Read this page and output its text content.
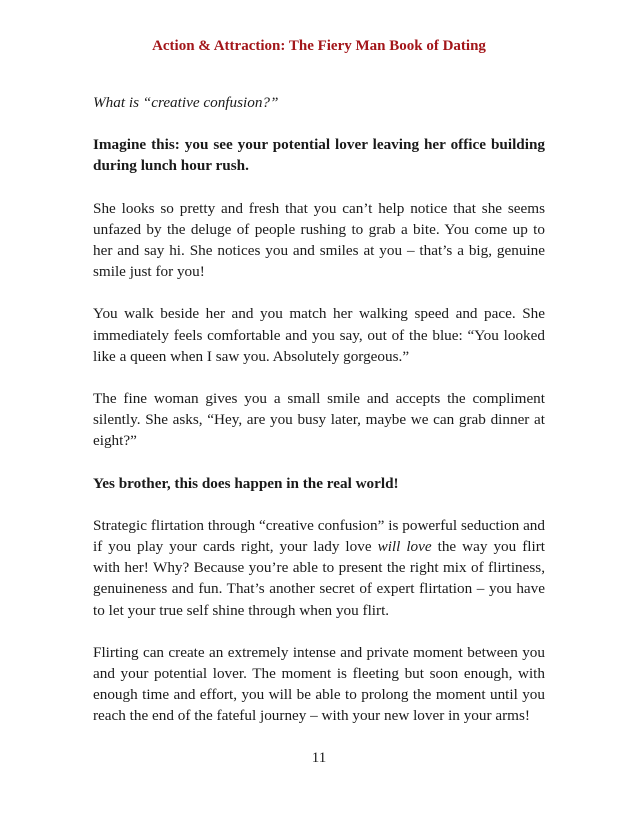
Action & Attraction: The Fiery Man Book of Dating

What is “creative confusion?”

Imagine this: you see your potential lover leaving her office building during lunch hour rush.

She looks so pretty and fresh that you can’t help notice that she seems unfazed by the deluge of people rushing to grab a bite. You come up to her and say hi. She notices you and smiles at you – that’s a big, genuine smile just for you!

You walk beside her and you match her walking speed and pace. She immediately feels comfortable and you say, out of the blue: “You looked like a queen when I saw you. Absolutely gorgeous.”

The fine woman gives you a small smile and accepts the compliment silently. She asks, “Hey, are you busy later, maybe we can grab dinner at eight?”

Yes brother, this does happen in the real world!

Strategic flirtation through “creative confusion” is powerful seduction and if you play your cards right, your lady love will love the way you flirt with her! Why? Because you’re able to present the right mix of flirtiness, genuineness and fun. That’s another secret of expert flirtation – you have to let your true self shine through when you flirt.

Flirting can create an extremely intense and private moment between you and your potential lover. The moment is fleeting but soon enough, with enough time and effort, you will be able to prolong the moment until you reach the end of the fateful journey – with your new lover in your arms!

11
